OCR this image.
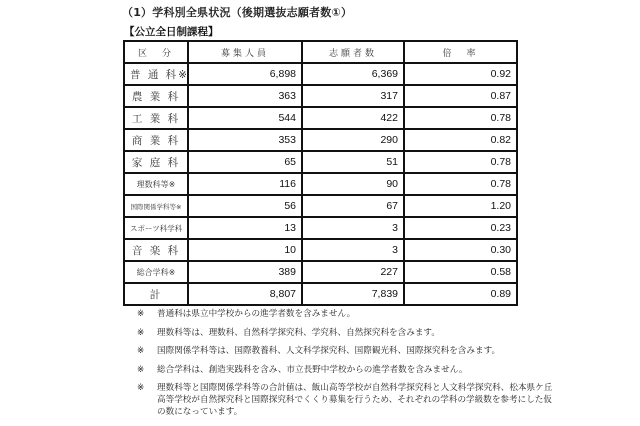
（1）学科別全県状況（後期選抜志願者数①）
【公立全日制課程】
区　分	募集人員	志願者数	倍　率
普 通 科※	6,898	6,369	0.92
農 業 科	363	317	0.87
工 業 科	544	422	0.78
商 業 科	353	290	0.82
家 庭 科	65	51	0.78
理数科等※	116	90	0.78
国際関係学科等※	56	67	1.20
スポーツ科学科	13	3	0.23
音 楽 科	10	3	0.30
総合学科※	389	227	0.58
計	8,807	7,839	0.89
※	普通科は県立中学校からの進学者数を含みません。
※	理数科等は、理数科、自然科学探究科、学究科、自然探究科を含みます。
※	国際関係学科等は、国際教養科、人文科学探究科、国際観光科、国際探究科を含みます。
※	総合学科は、創造実践科を含み、市立長野中学校からの進学者数を含みません。
※	理数科等と国際関係学科等の合計値は、飯山高等学校が自然科学探究科と人文科学探究科、松本県ケ丘高等学校が自然探究科と国際探究科でくくり募集を行うため、それぞれの学科の学級数を参考にした仮の数になっています。
